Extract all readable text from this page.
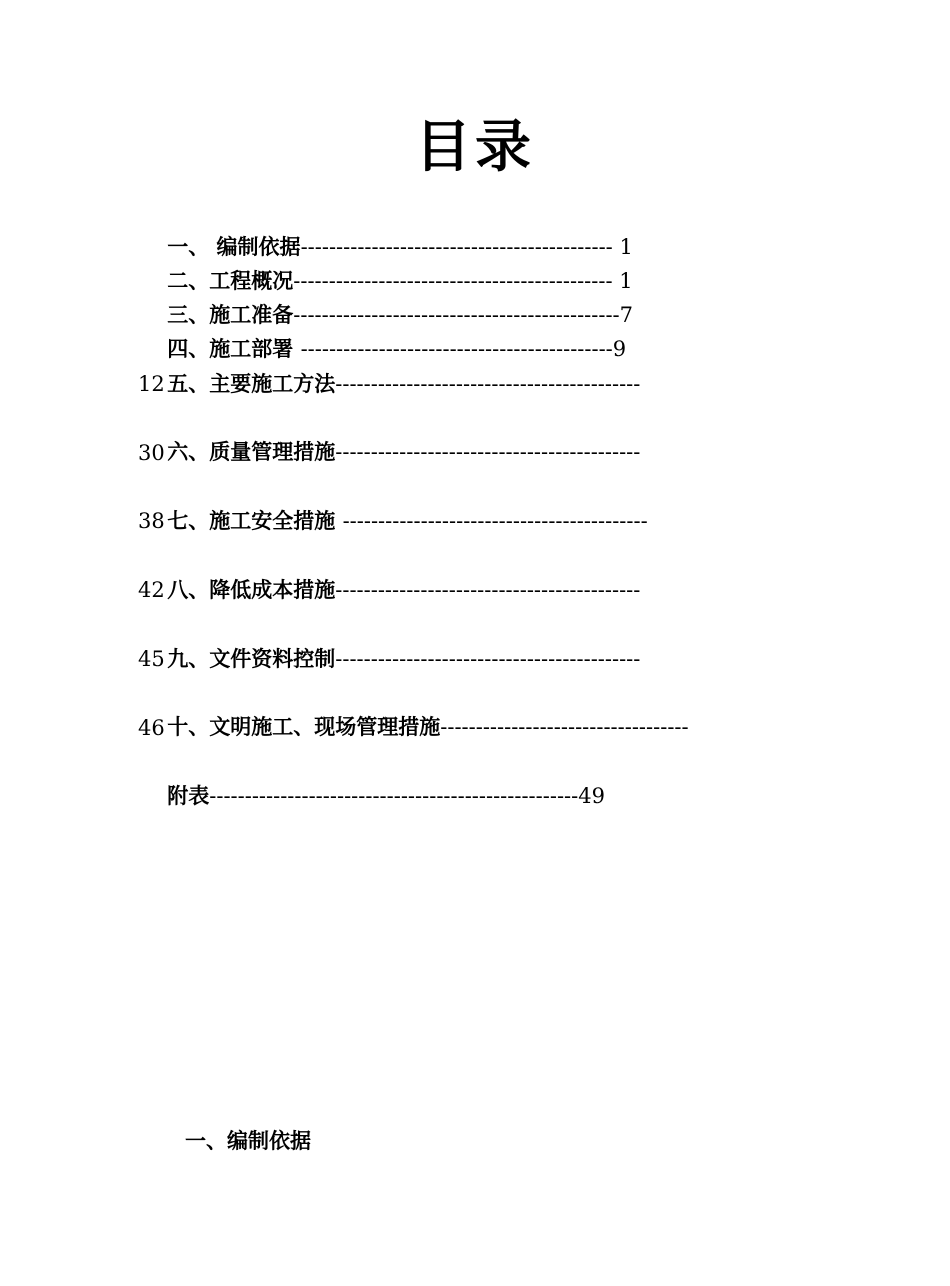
目录

一、 编制依据-------------------------------------------- 1

二、工程概况--------------------------------------------- 1

三、施工准备----------------------------------------------7

四、施工部署 --------------------------------------------9

五、主要施工方法-------------------------------------------

12

六、质量管理措施-------------------------------------------

30

七、施工安全措施 -------------------------------------------

38

八、降低成本措施-------------------------------------------

42

九、文件资料控制-------------------------------------------

45

十、文明施工、现场管理措施-----------------------------------

46

附表----------------------------------------------------49

一、编制依据
